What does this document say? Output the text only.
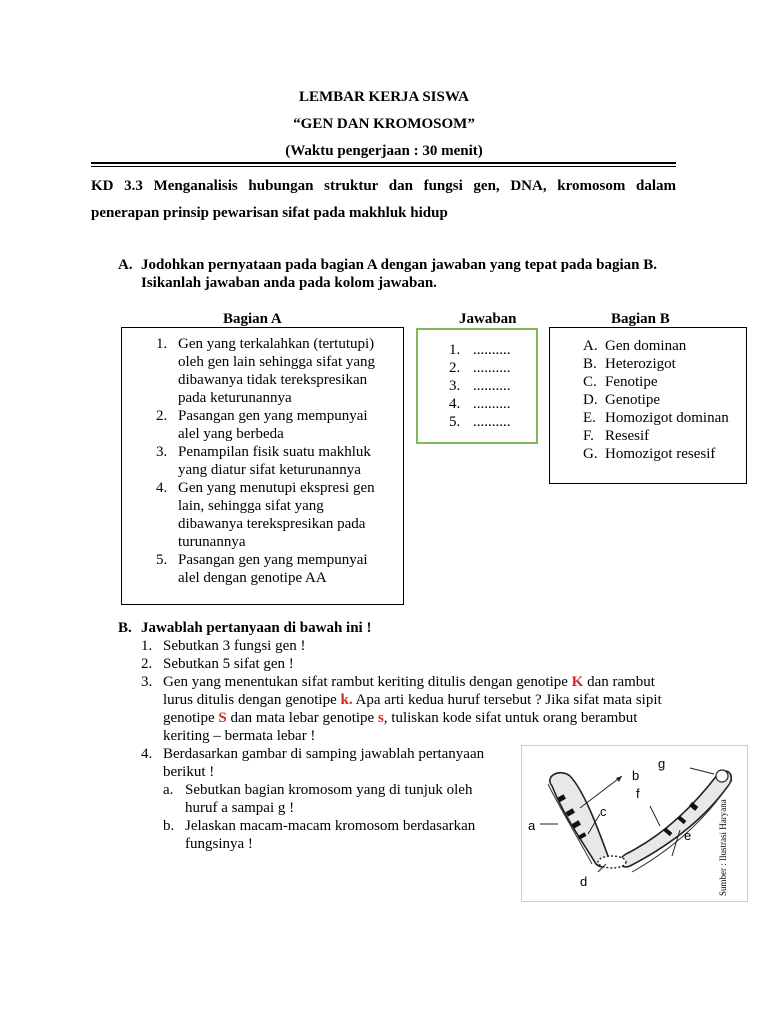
LEMBAR KERJA SISWA
“GEN DAN KROMOSOM”
(Waktu pengerjaan : 30 menit)
KD 3.3 Menganalisis hubungan struktur dan fungsi gen, DNA, kromosom dalam
penerapan prinsip pewarisan sifat pada makhluk hidup
A. Jodohkan pernyataan pada bagian A dengan jawaban yang tepat pada bagian B.
Isikanlah jawaban anda pada kolom jawaban.
Bagian A	Jawaban	Bagian B
1. Gen yang terkalahkan (tertutupi)
oleh gen lain sehingga sifat yang
dibawanya tidak terekspresikan
pada keturunannya
2. Pasangan gen yang mempunyai
alel yang berbeda
3. Penampilan fisik suatu makhluk
yang diatur sifat keturunannya
4. Gen yang menutupi ekspresi gen
lain, sehingga sifat yang
dibawanya terekspresikan pada
turunannya
5. Pasangan gen yang mempunyai
alel dengan genotipe AA
1. ..........
2. ..........
3. ..........
4. ..........
5. ..........
A. Gen dominan
B. Heterozigot
C. Fenotipe
D. Genotipe
E. Homozigot dominan
F. Resesif
G. Homozigot resesif
B. Jawablah pertanyaan di bawah ini !
1. Sebutkan 3 fungsi gen !
2. Sebutkan 5 sifat gen !
3. Gen yang menentukan sifat rambut keriting ditulis dengan genotipe K dan rambut
lurus ditulis dengan genotipe k. Apa arti kedua huruf tersebut ? Jika sifat mata sipit
genotipe S dan mata lebar genotipe s, tuliskan kode sifat untuk orang berambut
keriting – bermata lebar !
4. Berdasarkan gambar di samping jawablah pertanyaan
berikut !
a. Sebutkan bagian kromosom yang di tunjuk oleh
huruf a sampai g !
b. Jelaskan macam-macam kromosom berdasarkan
fungsinya !
a
b
c
d
e
f
g
Sumber : Ilustrasi Haryana
